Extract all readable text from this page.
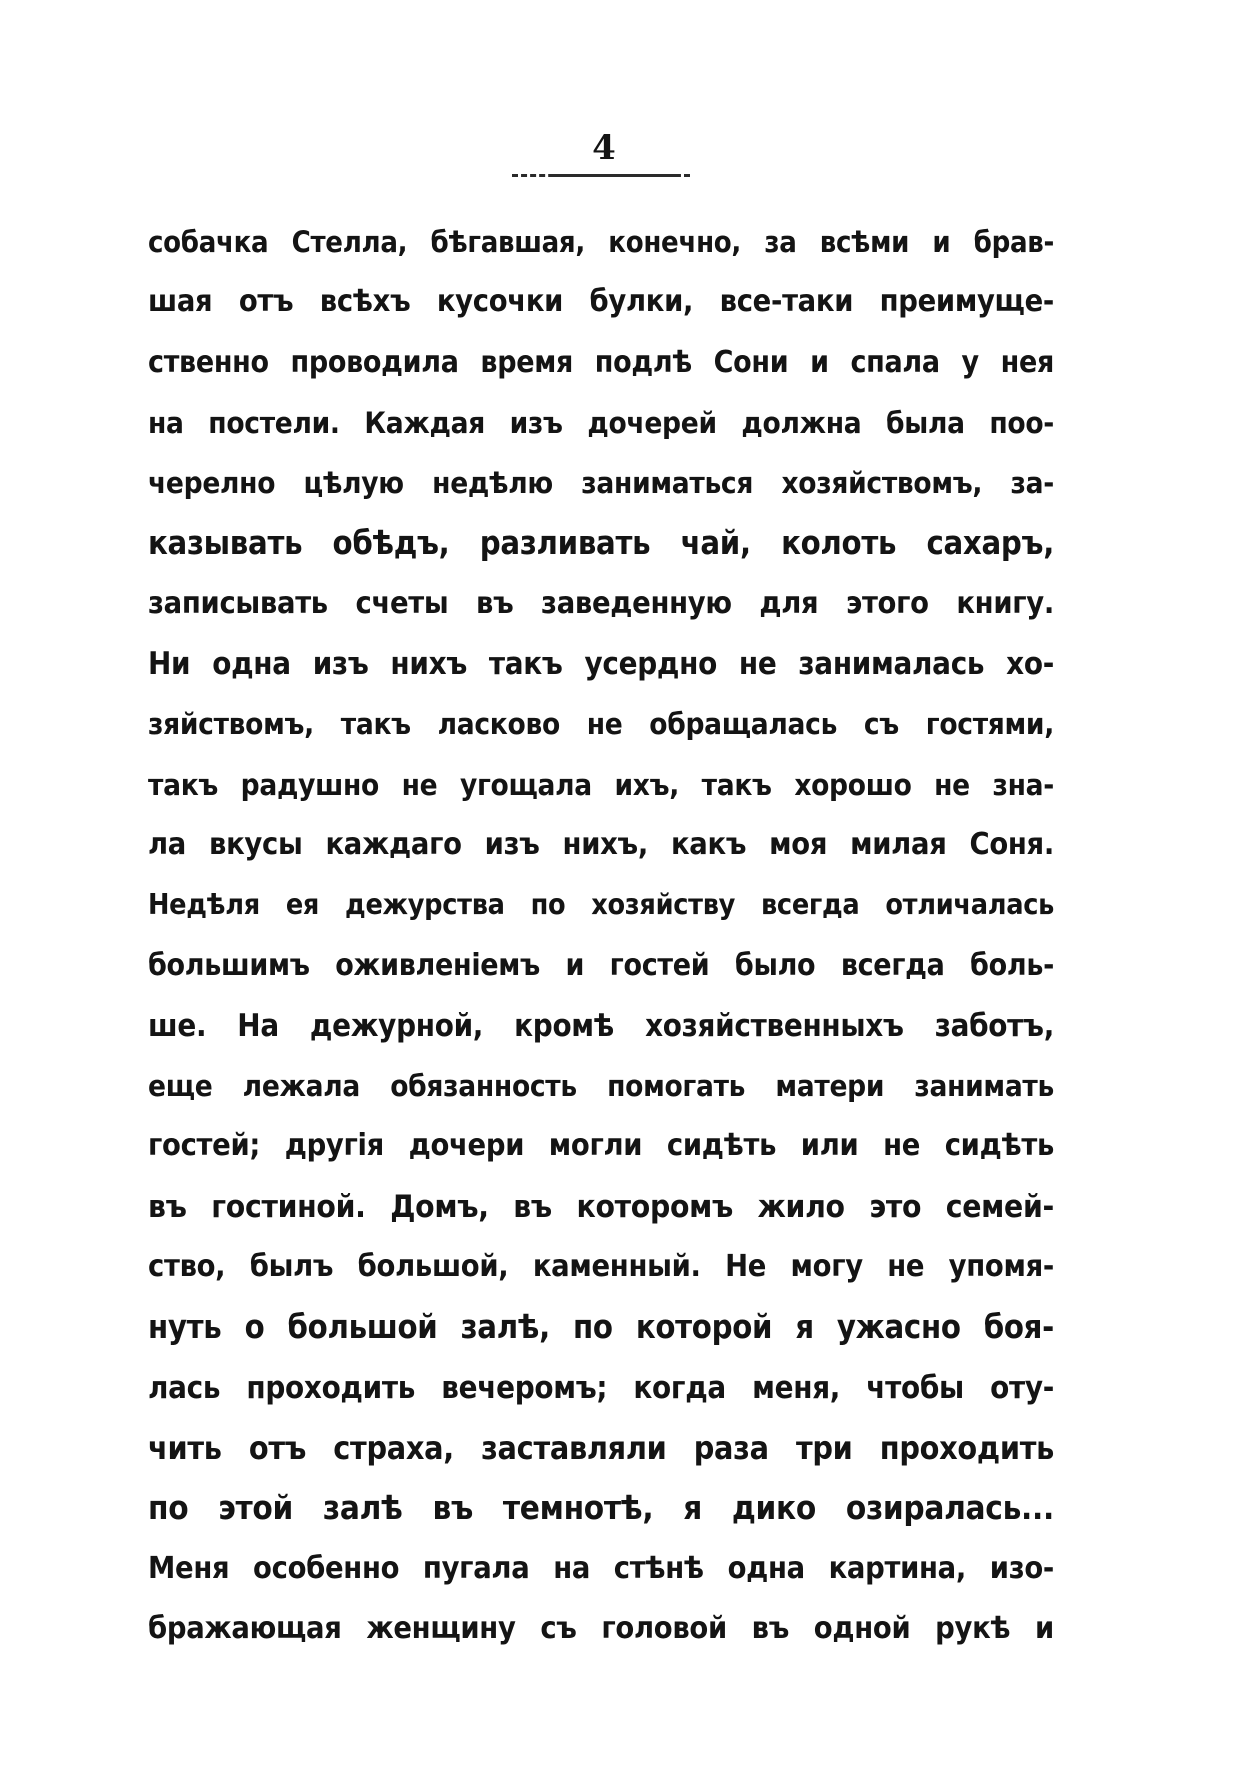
4
собачка Стелла, бѣгавшая, конечно, за всѣми и брав-
шая отъ всѣхъ кусочки булки, все-таки преимуще-
ственно проводила время подлѣ Сони и спала у нея
на постели. Каждая изъ дочерей должна была поо-
черелно цѣлую недѣлю заниматься хозяйствомъ, за-
казывать обѣдъ, разливать чай, колоть сахаръ,
записывать счеты въ заведенную для этого книгу.
Ни одна изъ нихъ такъ усердно не занималась хо-
зяйствомъ, такъ ласково не обращалась съ гостями,
такъ радушно не угощала ихъ, такъ хорошо не зна-
ла вкусы каждаго изъ нихъ, какъ моя милая Соня.
Недѣля ея дежурства по хозяйству всегда отличалась
большимъ оживленіемъ и гостей было всегда боль-
ше. На дежурной, кромѣ хозяйственныхъ заботъ,
еще лежала обязанность помогать матери занимать
гостей; другія дочери могли сидѣть или не сидѣть
въ гостиной. Домъ, въ которомъ жило это семей-
ство, былъ большой, каменный. Не могу не упомя-
нуть о большой залѣ, по которой я ужасно боя-
лась проходить вечеромъ; когда меня, чтобы оту-
чить отъ страха, заставляли раза три проходить
по этой залѣ въ темнотѣ, я дико озиралась...
Меня особенно пугала на стѣнѣ одна картина, изо-
бражающая женщину съ головой въ одной рукѣ и
